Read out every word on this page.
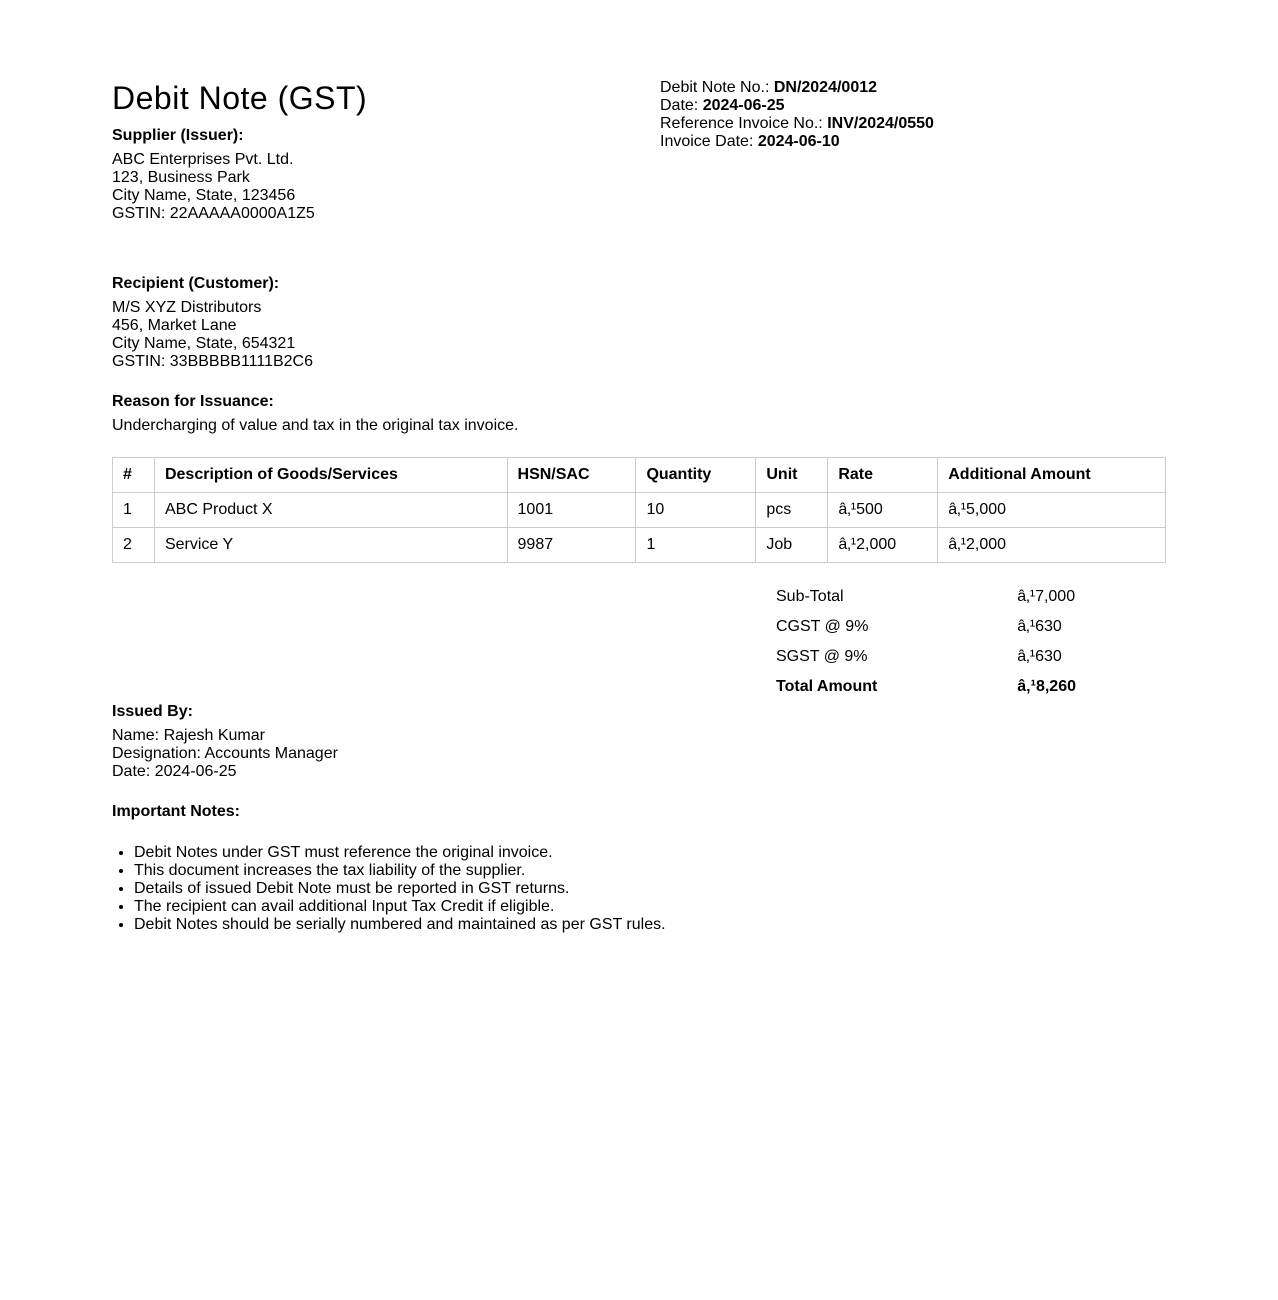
Debit Note (GST)	Debit Note No.: DN/2024/0012
Date: 2024-06-25
Reference Invoice No.: INV/2024/0550
Invoice Date: 2024-06-10
Supplier (Issuer):
ABC Enterprises Pvt. Ltd.
123, Business Park
City Name, State, 123456
GSTIN: 22AAAAA0000A1Z5
Recipient (Customer):
M/S XYZ Distributors
456, Market Lane
City Name, State, 654321
GSTIN: 33BBBBB1111B2C6
Reason for Issuance:
Undercharging of value and tax in the original tax invoice.
#	Description of Goods/Services	HSN/SAC	Quantity	Unit	Rate	Additional Amount
1	ABC Product X	1001	10	pcs	â‚¹500	â‚¹5,000
2	Service Y	9987	1	Job	â‚¹2,000	â‚¹2,000
Sub-Total	â‚¹7,000
CGST @ 9%	â‚¹630
SGST @ 9%	â‚¹630
Total Amount	â‚¹8,260
Issued By:
Name: Rajesh Kumar
Designation: Accounts Manager
Date: 2024-06-25
Important Notes:
• Debit Notes under GST must reference the original invoice.
• This document increases the tax liability of the supplier.
• Details of issued Debit Note must be reported in GST returns.
• The recipient can avail additional Input Tax Credit if eligible.
• Debit Notes should be serially numbered and maintained as per GST rules.
